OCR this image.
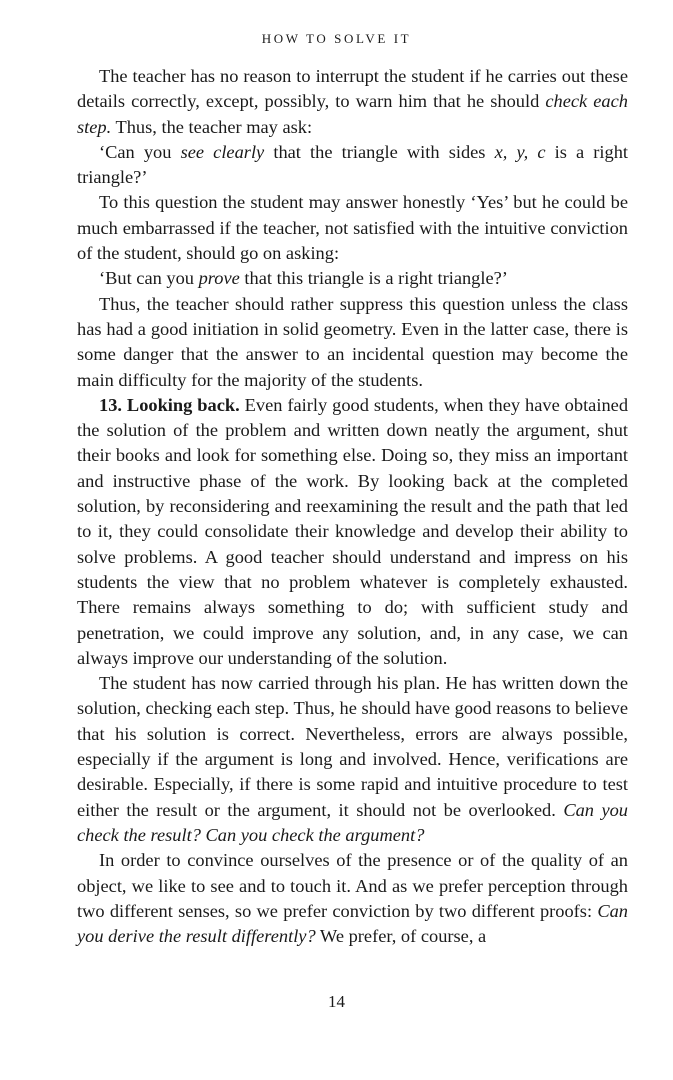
HOW TO SOLVE IT

The teacher has no reason to interrupt the student if he carries out these details correctly, except, possibly, to warn him that he should check each step. Thus, the teacher may ask:

‘Can you see clearly that the triangle with sides x, y, c is a right triangle?’

To this question the student may answer honestly ‘Yes’ but he could be much embarrassed if the teacher, not satisfied with the intuitive conviction of the student, should go on asking:

‘But can you prove that this triangle is a right triangle?’

Thus, the teacher should rather suppress this question unless the class has had a good initiation in solid geometry. Even in the latter case, there is some danger that the answer to an incidental question may become the main difficulty for the majority of the students.

13. Looking back. Even fairly good students, when they have obtained the solution of the problem and written down neatly the argument, shut their books and look for something else. Doing so, they miss an important and instructive phase of the work. By looking back at the completed solution, by reconsidering and reexamining the result and the path that led to it, they could consolidate their knowledge and develop their ability to solve problems. A good teacher should understand and impress on his students the view that no problem whatever is completely exhausted. There remains always something to do; with sufficient study and penetration, we could improve any solution, and, in any case, we can always improve our understanding of the solution.

The student has now carried through his plan. He has written down the solution, checking each step. Thus, he should have good reasons to believe that his solution is correct. Nevertheless, errors are always possible, especially if the argument is long and involved. Hence, verifications are desirable. Especially, if there is some rapid and intuitive procedure to test either the result or the argument, it should not be overlooked. Can you check the result? Can you check the argument?

In order to convince ourselves of the presence or of the quality of an object, we like to see and to touch it. And as we prefer perception through two different senses, so we prefer conviction by two different proofs: Can you derive the result differently? We prefer, of course, a

14
